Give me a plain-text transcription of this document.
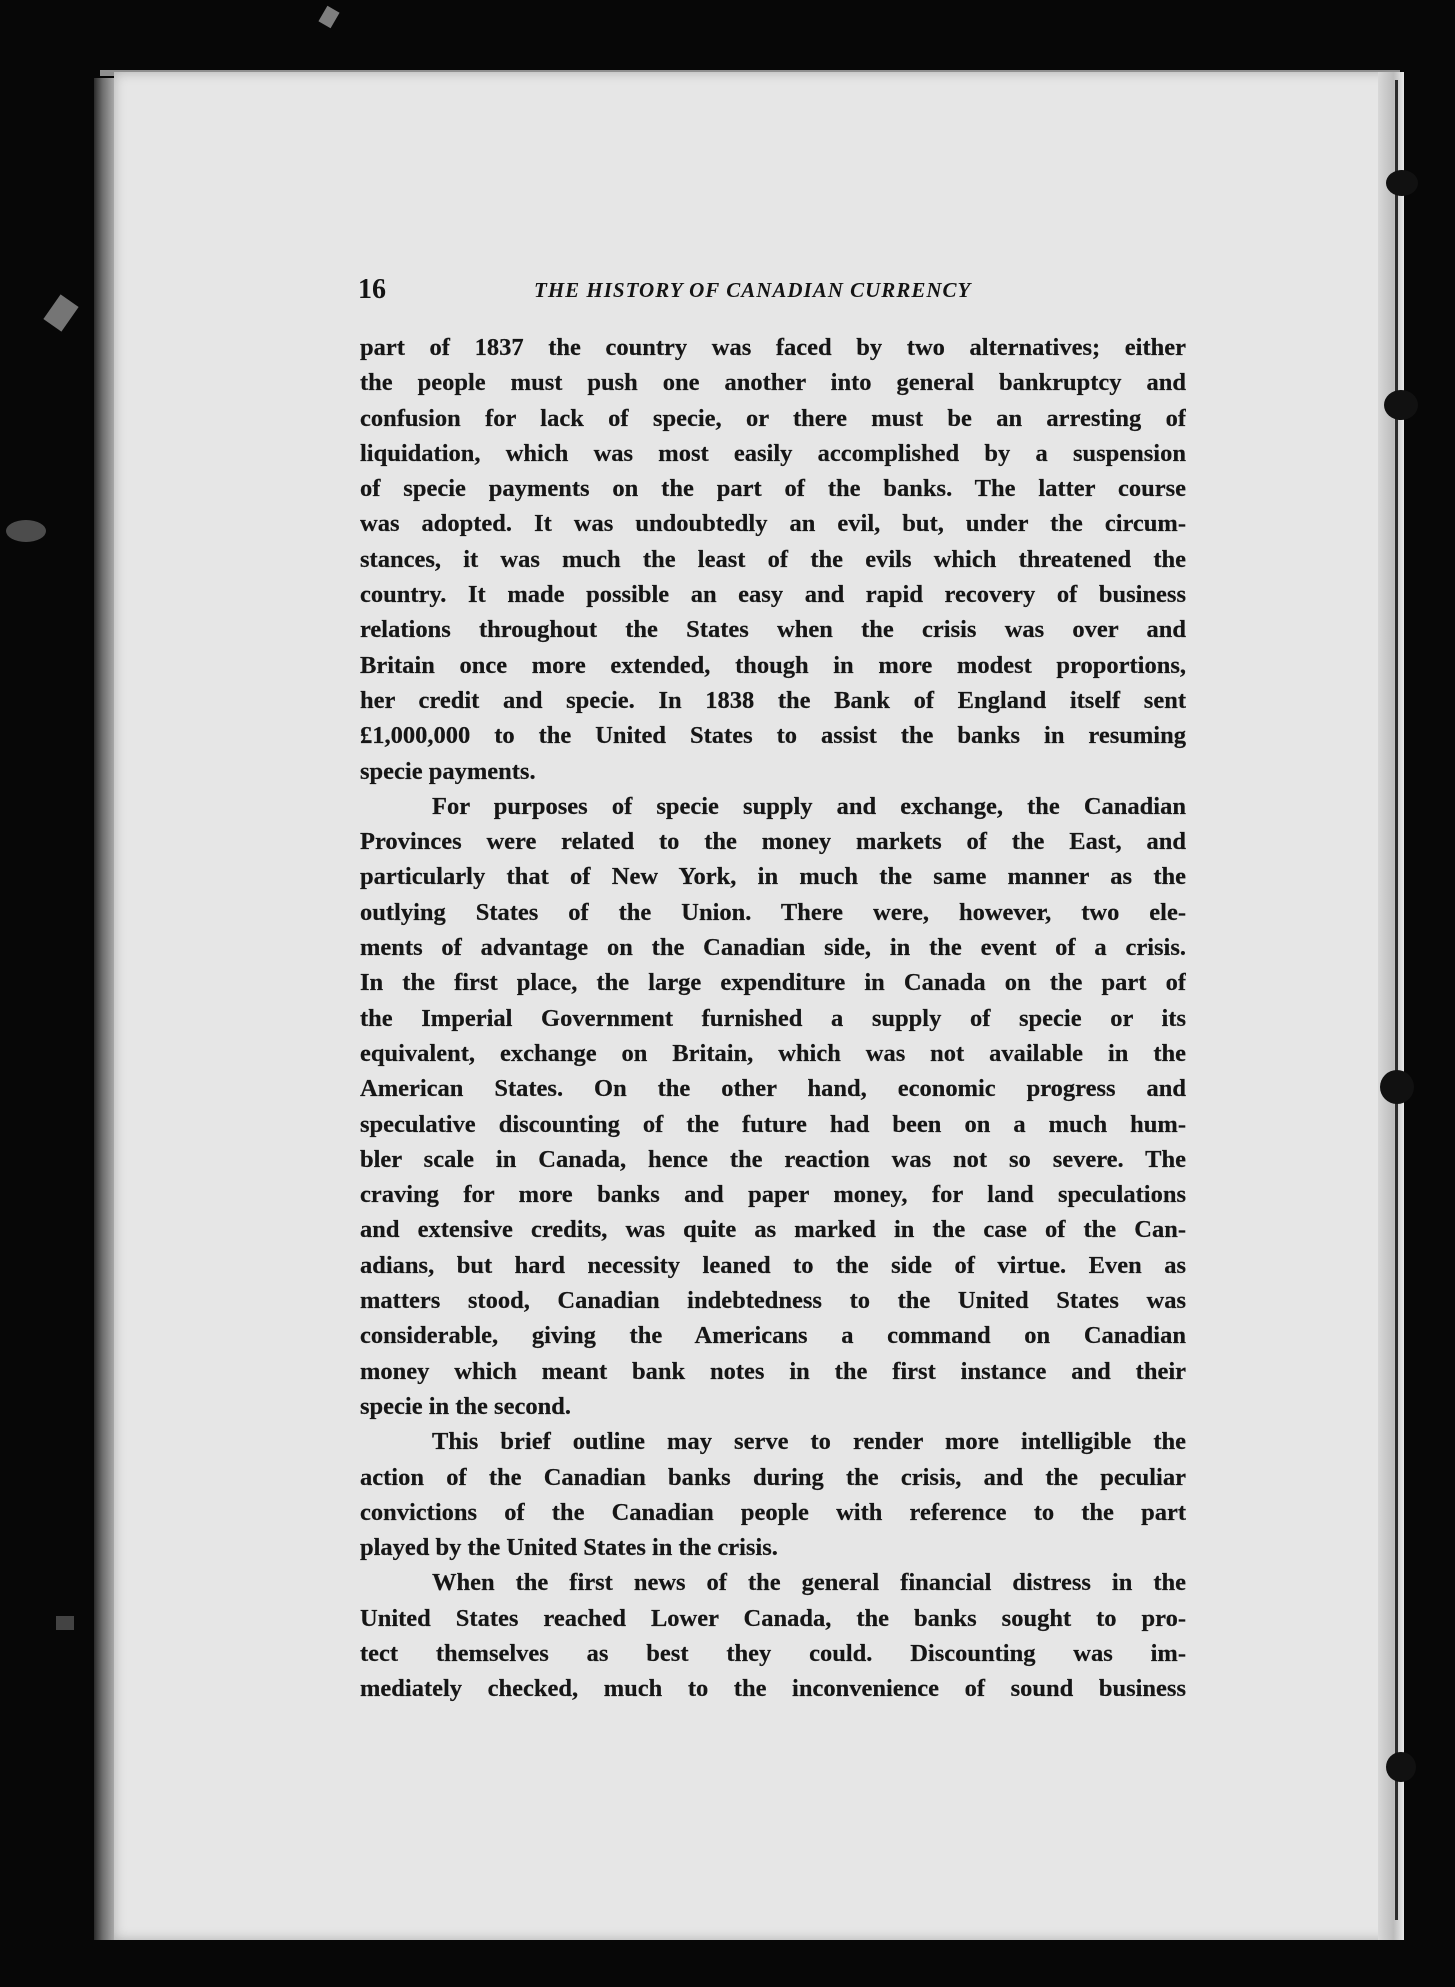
16	THE HISTORY OF CANADIAN CURRENCY
part of 1837 the country was faced by two alternatives; either
the people must push one another into general bankruptcy and
confusion for lack of specie, or there must be an arresting of
liquidation, which was most easily accomplished by a suspension
of specie payments on the part of the banks. The latter course
was adopted. It was undoubtedly an evil, but, under the circum-
stances, it was much the least of the evils which threatened the
country. It made possible an easy and rapid recovery of business
relations throughout the States when the crisis was over and
Britain once more extended, though in more modest proportions,
her credit and specie. In 1838 the Bank of England itself sent
£1,000,000 to the United States to assist the banks in resuming
specie payments.
For purposes of specie supply and exchange, the Canadian
Provinces were related to the money markets of the East, and
particularly that of New York, in much the same manner as the
outlying States of the Union. There were, however, two ele-
ments of advantage on the Canadian side, in the event of a crisis.
In the first place, the large expenditure in Canada on the part of
the Imperial Government furnished a supply of specie or its
equivalent, exchange on Britain, which was not available in the
American States. On the other hand, economic progress and
speculative discounting of the future had been on a much hum-
bler scale in Canada, hence the reaction was not so severe. The
craving for more banks and paper money, for land speculations
and extensive credits, was quite as marked in the case of the Can-
adians, but hard necessity leaned to the side of virtue. Even as
matters stood, Canadian indebtedness to the United States was
considerable, giving the Americans a command on Canadian
money which meant bank notes in the first instance and their
specie in the second.
This brief outline may serve to render more intelligible the
action of the Canadian banks during the crisis, and the peculiar
convictions of the Canadian people with reference to the part
played by the United States in the crisis.
When the first news of the general financial distress in the
United States reached Lower Canada, the banks sought to pro-
tect themselves as best they could. Discounting was im-
mediately checked, much to the inconvenience of sound business
